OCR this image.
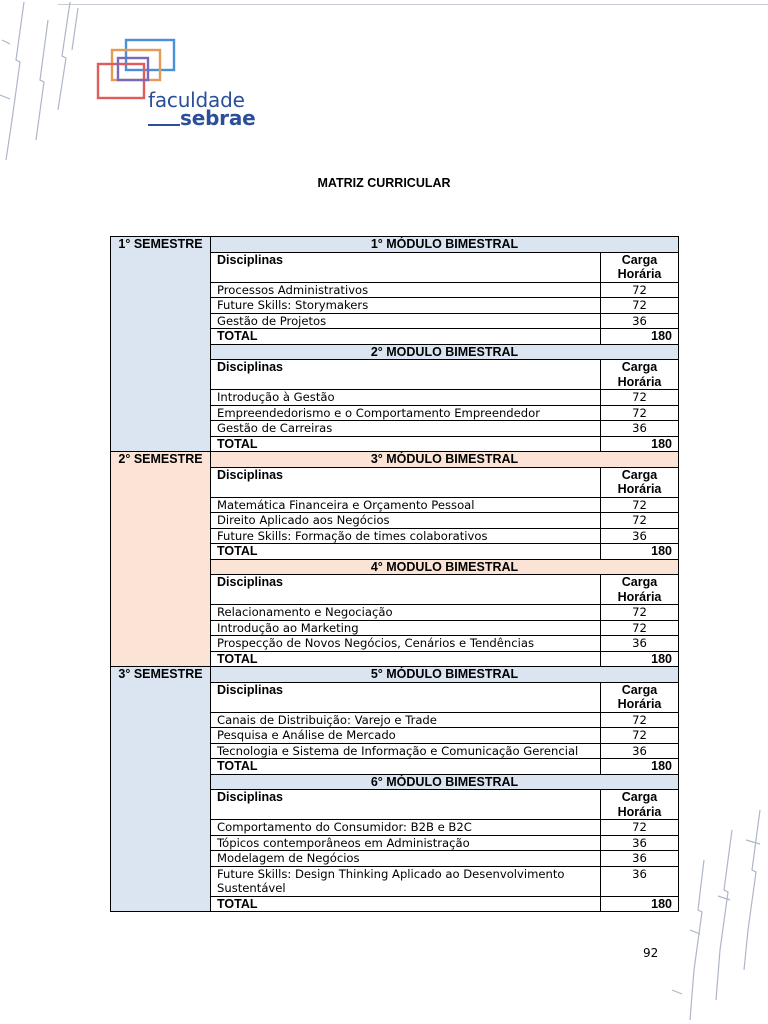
faculdade
sebrae
MATRIZ CURRICULAR
1° SEMESTRE	1° MÓDULO BIMESTRAL	
	Disciplinas	Carga Horária
	Processos Administrativos	72
	Future Skills: Storymakers	72
	Gestão de Projetos	36
	TOTAL	180
	2° MODULO BIMESTRAL	
	Disciplinas	Carga Horária
	Introdução à Gestão	72
	Empreendedorismo e o Comportamento Empreendedor	72
	Gestão de Carreiras	36
	TOTAL	180
2° SEMESTRE	3° MÓDULO BIMESTRAL	
	Disciplinas	Carga Horária
	Matemática Financeira e Orçamento Pessoal	72
	Direito Aplicado aos Negócios	72
	Future Skills: Formação de times colaborativos	36
	TOTAL	180
	4° MODULO BIMESTRAL	
	Disciplinas	Carga Horária
	Relacionamento e Negociação	72
	Introdução ao Marketing	72
	Prospecção de Novos Negócios, Cenários e Tendências	36
	TOTAL	180
3° SEMESTRE	5° MÓDULO BIMESTRAL	
	Disciplinas	Carga Horária
	Canais de Distribuição: Varejo e Trade	72
	Pesquisa e Análise de Mercado	72
	Tecnologia e Sistema de Informação e Comunicação Gerencial	36
	TOTAL	180
	6° MÓDULO BIMESTRAL	
	Disciplinas	Carga Horária
	Comportamento do Consumidor: B2B e B2C	72
	Tópicos contemporâneos em Administração	36
	Modelagem de Negócios	36
	Future Skills: Design Thinking Aplicado ao Desenvolvimento Sustentável	36
	TOTAL	180
92
